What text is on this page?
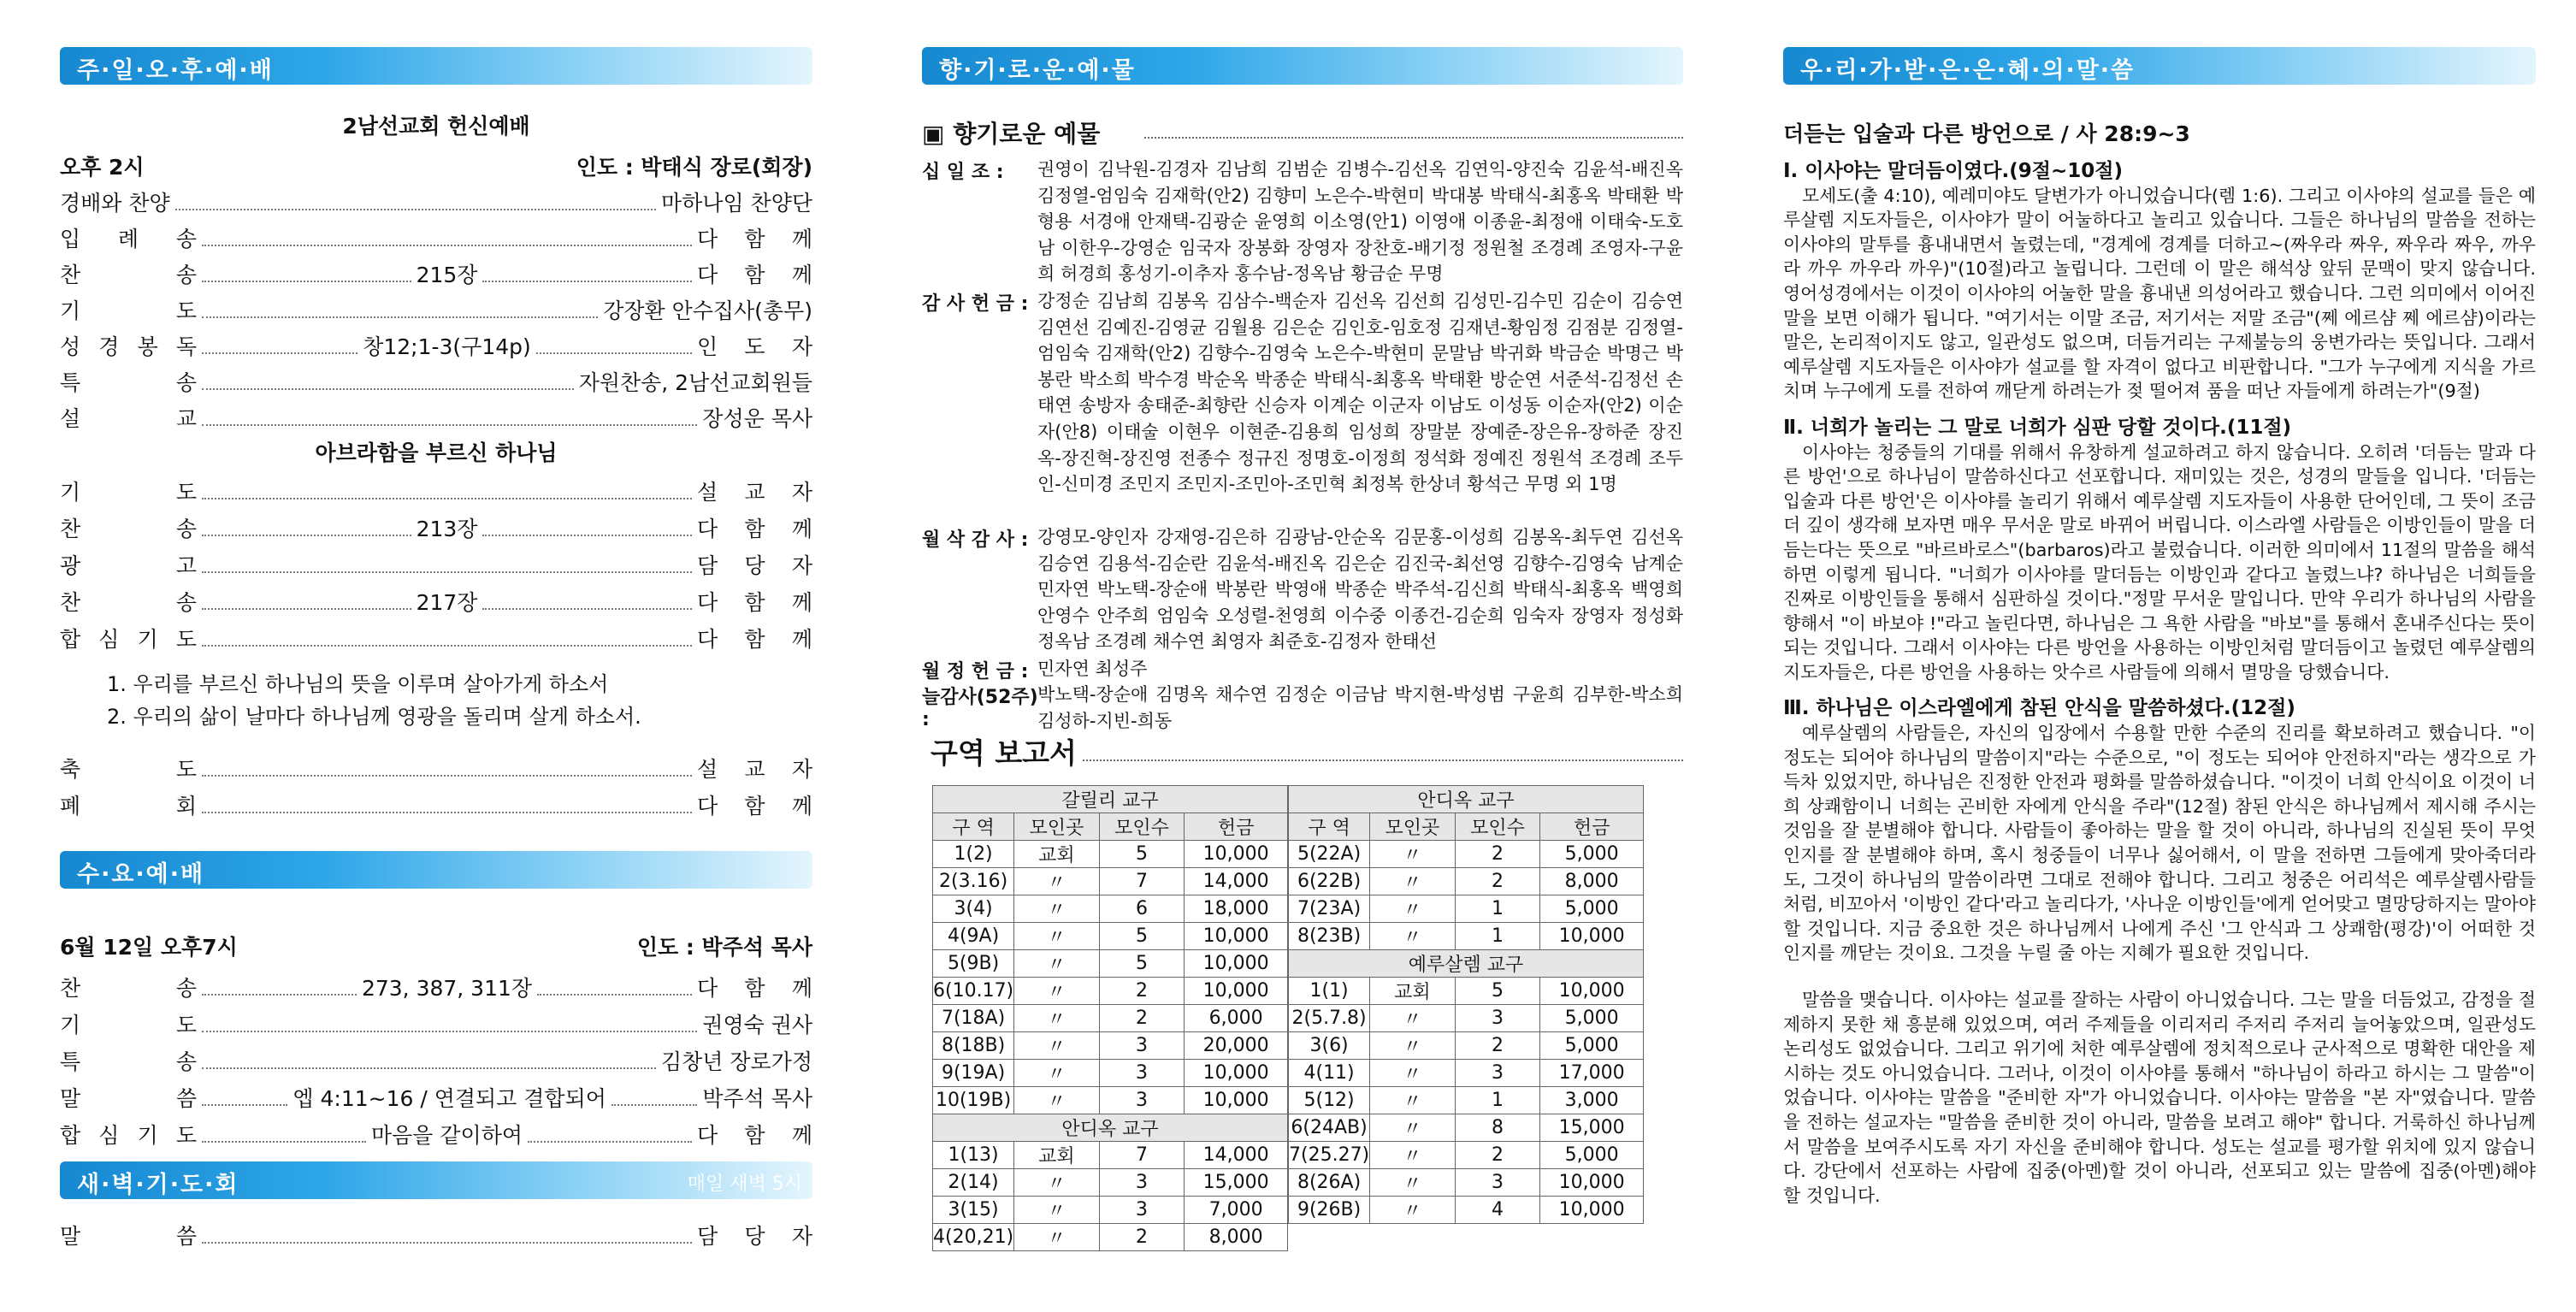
주·일·오·후·예·배
2남선교회 헌신예배
오후 2시	인도 : 박태식 장로(회장)
경배와 찬양	마하나임 찬양단
입 례 송	다 함 께
찬	송	215장	다 함 께
기	도	강장환 안수집사(총무)
성 경 봉 독	창12;1-3(구14p)	인 도 자
특	송	자원찬송, 2남선교회원들
설	교	장성운 목사
아브라함을 부르신 하나님
기	도	설 교 자
찬	송	213장	다 함 께
광	고	담 당 자
찬	송	217장	다 함 께
합 심 기 도	다 함 께
1. 우리를 부르신 하나님의 뜻을 이루며 살아가게 하소서
2. 우리의 삶이 날마다 하나님께 영광을 돌리며 살게 하소서.
축	도	설 교 자
폐	회	다 함 께
수·요·예·배
6월 12일 오후7시	인도 : 박주석 목사
찬	송	273, 387, 311장	다 함 께
기	도	권영숙 권사
특	송	김창년 장로가정
말	씀	엡 4:11~16 / 연결되고 결합되어	박주석 목사
합 심 기 도	마음을 같이하여	다 함 께
새·벽·기·도·회	매일 새벽 5시
말	씀	담 당 자
향·기·로·운·예·물
▣ 향기로운 예물
십 일 조 :	권영이 김낙원-김경자 김남희 김범순 김병수-김선옥 김연익-양진숙 김윤석-배진옥 김정열-엄임숙 김재학(안2) 김향미 노은수-박현미 박대봉 박태식-최홍옥 박태환 박형용 서경애 안재택-김광순 윤영희 이소영(안1) 이영애 이종윤-최정애 이태숙-도호남 이한우-강영순 임국자 장봉화 장영자 장찬호-배기정 정원철 조경례 조영자-구윤희 허경희 홍성기-이추자 홍수남-정옥남 황금순 무명
감 사 헌 금 : 강정순 김남희 김봉옥 김삼수-백순자 김선옥 김선희 김성민-김수민 김순이 김승연 김연선 김예진-김영균 김월용 김은순 김인호-임호정 김재년-황임정 김점분 김정열-엄임숙 김재학(안2) 김향수-김영숙 노은수-박현미 문말남 박귀화 박금순 박명근 박봉란 박소희 박수경 박순옥 박종순 박태식-최홍옥 박태환 방순연 서준석-김정선 손태연 송방자 송태준-최향란 신승자 이계순 이군자 이남도 이성동 이순자(안2) 이순자(안8) 이태술 이현우 이현준-김용희 임성희 장말분 장예준-장은유-장하준 장진옥-장진혁-장진영 전종수 정규진 정명호-이정희 정석화 정예진 정원석 조경례 조두인-신미경 조민지 조민지-조민아-조민혁 최정복 한상녀 황석근 무명 외 1명
월 삭 감 사 : 강영모-양인자 강재영-김은하 김광남-안순옥 김문홍-이성희 김봉옥-최두연 김선옥 김승연 김용석-김순란 김윤석-배진옥 김은순 김진국-최선영 김향수-김영숙 남계순 민자연 박노택-장순애 박봉란 박영애 박종순 박주석-김신희 박태식-최홍옥 백영희 안영수 안주희 엄임숙 오성렬-천영희 이수중 이종건-김순희 임숙자 장영자 정성화 정옥남 조경례 채수연 최영자 최준호-김정자 한태선
월 정 헌 금 : 민자연 최성주
늘감사(52주) :
박노택-장순애 김명옥 채수연 김정순 이금남 박지현-박성범 구윤희 김부한-박소희 김성하-지빈-희동
구역 보고서
갈릴리 교구			
구 역	모인곳	모인수	헌금
1(2)	교회	5	10,000
2(3.16)	〃	7	14,000
3(4)	〃	6	18,000
4(9A)	〃	5	10,000
5(9B)	〃	5	10,000
6(10.17)	〃	2	10,000
7(18A)	〃	2	6,000
8(18B)	〃	3	20,000
9(19A)	〃	3	10,000
10(19B)	〃	3	10,000
안디옥 교구			
1(13)	교회	7	14,000
2(14)	〃	3	15,000
3(15)	〃	3	7,000
4(20,21)	〃	2	8,000
안디옥 교구			
구 역	모인곳	모인수	헌금
5(22A)	〃	2	5,000
6(22B)	〃	2	8,000
7(23A)	〃	1	5,000
8(23B)	〃	1	10,000
예루살렘 교구			
1(1)	교회	5	10,000
2(5.7.8)	〃	3	5,000
3(6)	〃	2	5,000
4(11)	〃	3	17,000
5(12)	〃	1	3,000
6(24AB)	〃	8	15,000
7(25.27)	〃	2	5,000
8(26A)	〃	3	10,000
9(26B)	〃	4	10,000
우·리·가·받·은·은·혜·의·말·씀
더듣는 입술과 다른 방언으로 / 사 28:9~3

Ⅰ. 이사야는 말더듬이였다.(9절~10절)

모세도(출 4:10), 예레미야도 달변가가 아니었습니다(렘 1:6). 그리고 이사야의 설교를 들은 예루살렘 지도자들은, 이사야가 말이 어눌하다고 놀리고 있습니다. 그들은 하나님의 말씀을 전하는 이사야의 말투를 흉내내면서 놀렸는데, "경계에 경계를 더하고~(짜우라 짜우, 짜우라 짜우, 까우라 까우 까우라 까우)"(10절)라고 놀립니다. 그런데 이 말은 해석상 앞뒤 문맥이 맞지 않습니다. 영어성경에서는 이것이 이사야의 어눌한 말을 흉내낸 의성어라고 했습니다. 그런 의미에서 이어진 말을 보면 이해가 됩니다. "여기서는 이말 조금, 저기서는 저말 조금"(쩨 에르샴 쩨 에르샴)이라는 말은, 논리적이지도 않고, 일관성도 없으며, 더듬거리는 구제불능의 웅변가라는 뜻입니다. 그래서 예루살렘 지도자들은 이사야가 설교를 할 자격이 없다고 비판합니다. "그가 누구에게 지식을 가르치며 누구에게 도를 전하여 깨닫게 하려는가 젖 떨어져 품을 떠난 자들에게 하려는가"(9절)

Ⅱ. 너희가 놀리는 그 말로 너희가 심판 당할 것이다.(11절)

이사야는 청중들의 기대를 위해서 유창하게 설교하려고 하지 않습니다. 오히려 '더듬는 말과 다른 방언'으로 하나님이 말씀하신다고 선포합니다. 재미있는 것은, 성경의 말들을 입니다. '더듬는 입술과 다른 방언'은 이사야를 놀리기 위해서 예루살렘 지도자들이 사용한 단어인데, 그 뜻이 조금 더 깊이 생각해 보자면 매우 무서운 말로 바뀌어 버립니다. 이스라엘 사람들은 이방인들이 말을 더듬는다는 뜻으로 "바르바로스"(barbaros)라고 불렀습니다. 이러한 의미에서 11절의 말씀을 해석하면 이렇게 됩니다. "너희가 이사야를 말더듬는 이방인과 같다고 놀렸느냐? 하나님은 너희들을 진짜로 이방인들을 통해서 심판하실 것이다."정말 무서운 말입니다. 만약 우리가 하나님의 사람을 향해서 "이 바보야 !"라고 놀린다면, 하나님은 그 욕한 사람을 "바보"를 통해서 혼내주신다는 뜻이되는 것입니다. 그래서 이사야는 다른 방언을 사용하는 이방인처럼 말더듬이고 놀렸던 예루살렘의 지도자들은, 다른 방언을 사용하는 앗수르 사람들에 의해서 멸망을 당했습니다.

Ⅲ. 하나님은 이스라엘에게 참된 안식을 말씀하셨다.(12절)

예루살렘의 사람들은, 자신의 입장에서 수용할 만한 수준의 진리를 확보하려고 했습니다. "이 정도는 되어야 하나님의 말씀이지"라는 수준으로, "이 정도는 되어야 안전하지"라는 생각으로 가득차 있었지만, 하나님은 진정한 안전과 평화를 말씀하셨습니다. "이것이 너희 안식이요 이것이 너희 상쾌함이니 너희는 곤비한 자에게 안식을 주라"(12절) 참된 안식은 하나님께서 제시해 주시는 것임을 잘 분별해야 합니다. 사람들이 좋아하는 말을 할 것이 아니라, 하나님의 진실된 뜻이 무엇인지를 잘 분별해야 하며, 혹시 청중들이 너무나 싫어해서, 이 말을 전하면 그들에게 맞아죽더라도, 그것이 하나님의 말씀이라면 그대로 전해야 합니다. 그리고 청중은 어리석은 예루살렘사람들처럼, 비꼬아서 '이방인 같다'라고 놀리다가, '사나운 이방인들'에게 얻어맞고 멸망당하지는 말아야 할 것입니다. 지금 중요한 것은 하나님께서 나에게 주신 '그 안식과 그 상쾌함(평강)'이 어떠한 것인지를 깨닫는 것이요. 그것을 누릴 줄 아는 지혜가 필요한 것입니다.

말씀을 맺습니다. 이사야는 설교를 잘하는 사람이 아니었습니다. 그는 말을 더듬었고, 감정을 절제하지 못한 채 흥분해 있었으며, 여러 주제들을 이리저리 주저리 주저리 늘어놓았으며, 일관성도 논리성도 없었습니다. 그리고 위기에 처한 예루살렘에 정치적으로나 군사적으로 명확한 대안을 제시하는 것도 아니었습니다. 그러나, 이것이 이사야를 통해서 "하나님이 하라고 하시는 그 말씀"이었습니다. 이사야는 말씀을 "준비한 자"가 아니었습니다. 이사야는 말씀을 "본 자"였습니다. 말씀을 전하는 설교자는 "말씀을 준비한 것이 아니라, 말씀을 보려고 해야" 합니다. 거룩하신 하나님께서 말씀을 보여주시도록 자기 자신을 준비해야 합니다. 성도는 설교를 평가할 위치에 있지 않습니다. 강단에서 선포하는 사람에 집중(아멘)할 것이 아니라, 선포되고 있는 말씀에 집중(아멘)해야 할 것입니다.
